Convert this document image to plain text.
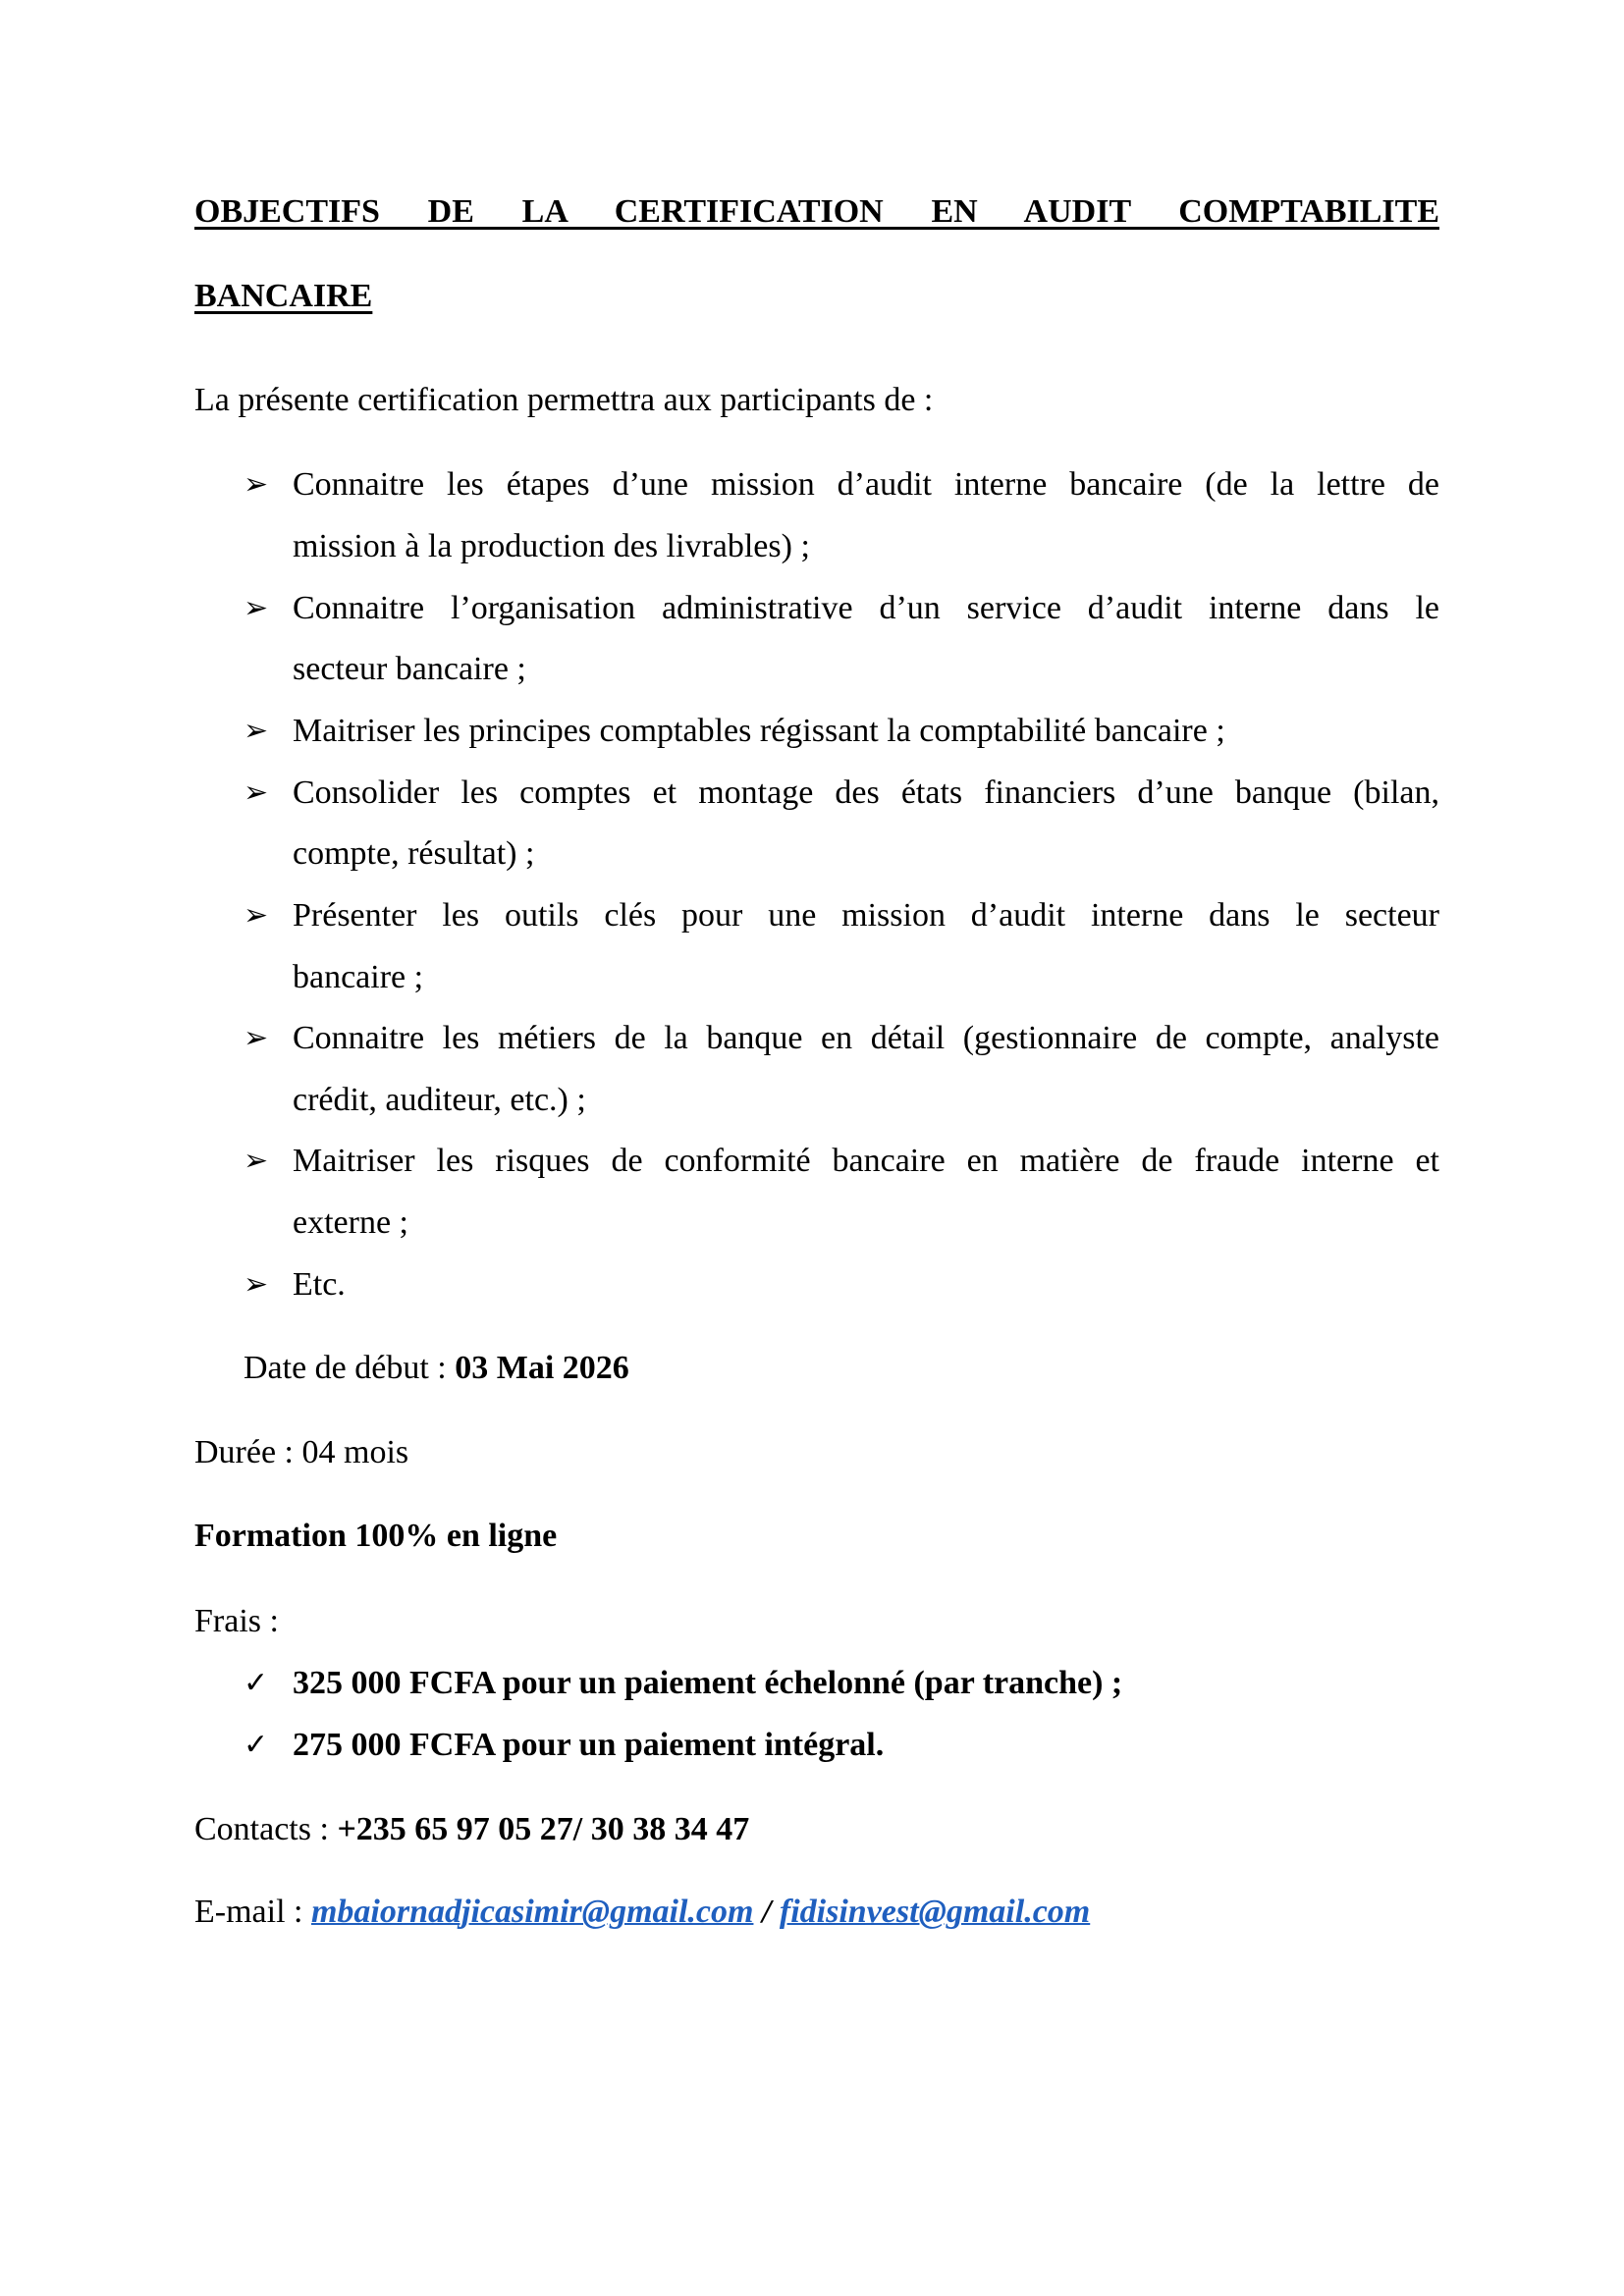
OBJECTIFS DE LA CERTIFICATION EN AUDIT COMPTABILITE
BANCAIRE
La présente certification permettra aux participants de :
➢ Connaitre les étapes d’une mission d’audit interne bancaire (de la lettre de
mission à la production des livrables) ;
➢ Connaitre l’organisation administrative d’un service d’audit interne dans le
secteur bancaire ;
➢ Maitriser les principes comptables régissant la comptabilité bancaire ;
➢ Consolider les comptes et montage des états financiers d’une banque (bilan,
compte, résultat) ;
➢ Présenter les outils clés pour une mission d’audit interne dans le secteur
bancaire ;
➢ Connaitre les métiers de la banque en détail (gestionnaire de compte, analyste
crédit, auditeur, etc.) ;
➢ Maitriser les risques de conformité bancaire en matière de fraude interne et
externe ;
➢ Etc.
Date de début : 03 Mai 2026
Durée : 04 mois
Formation 100% en ligne
Frais :
✓ 325 000 FCFA pour un paiement échelonné (par tranche) ;
✓ 275 000 FCFA pour un paiement intégral.
Contacts : +235 65 97 05 27/ 30 38 34 47
E-mail : mbaiornadjicasimir@gmail.com / fidisinvest@gmail.com
